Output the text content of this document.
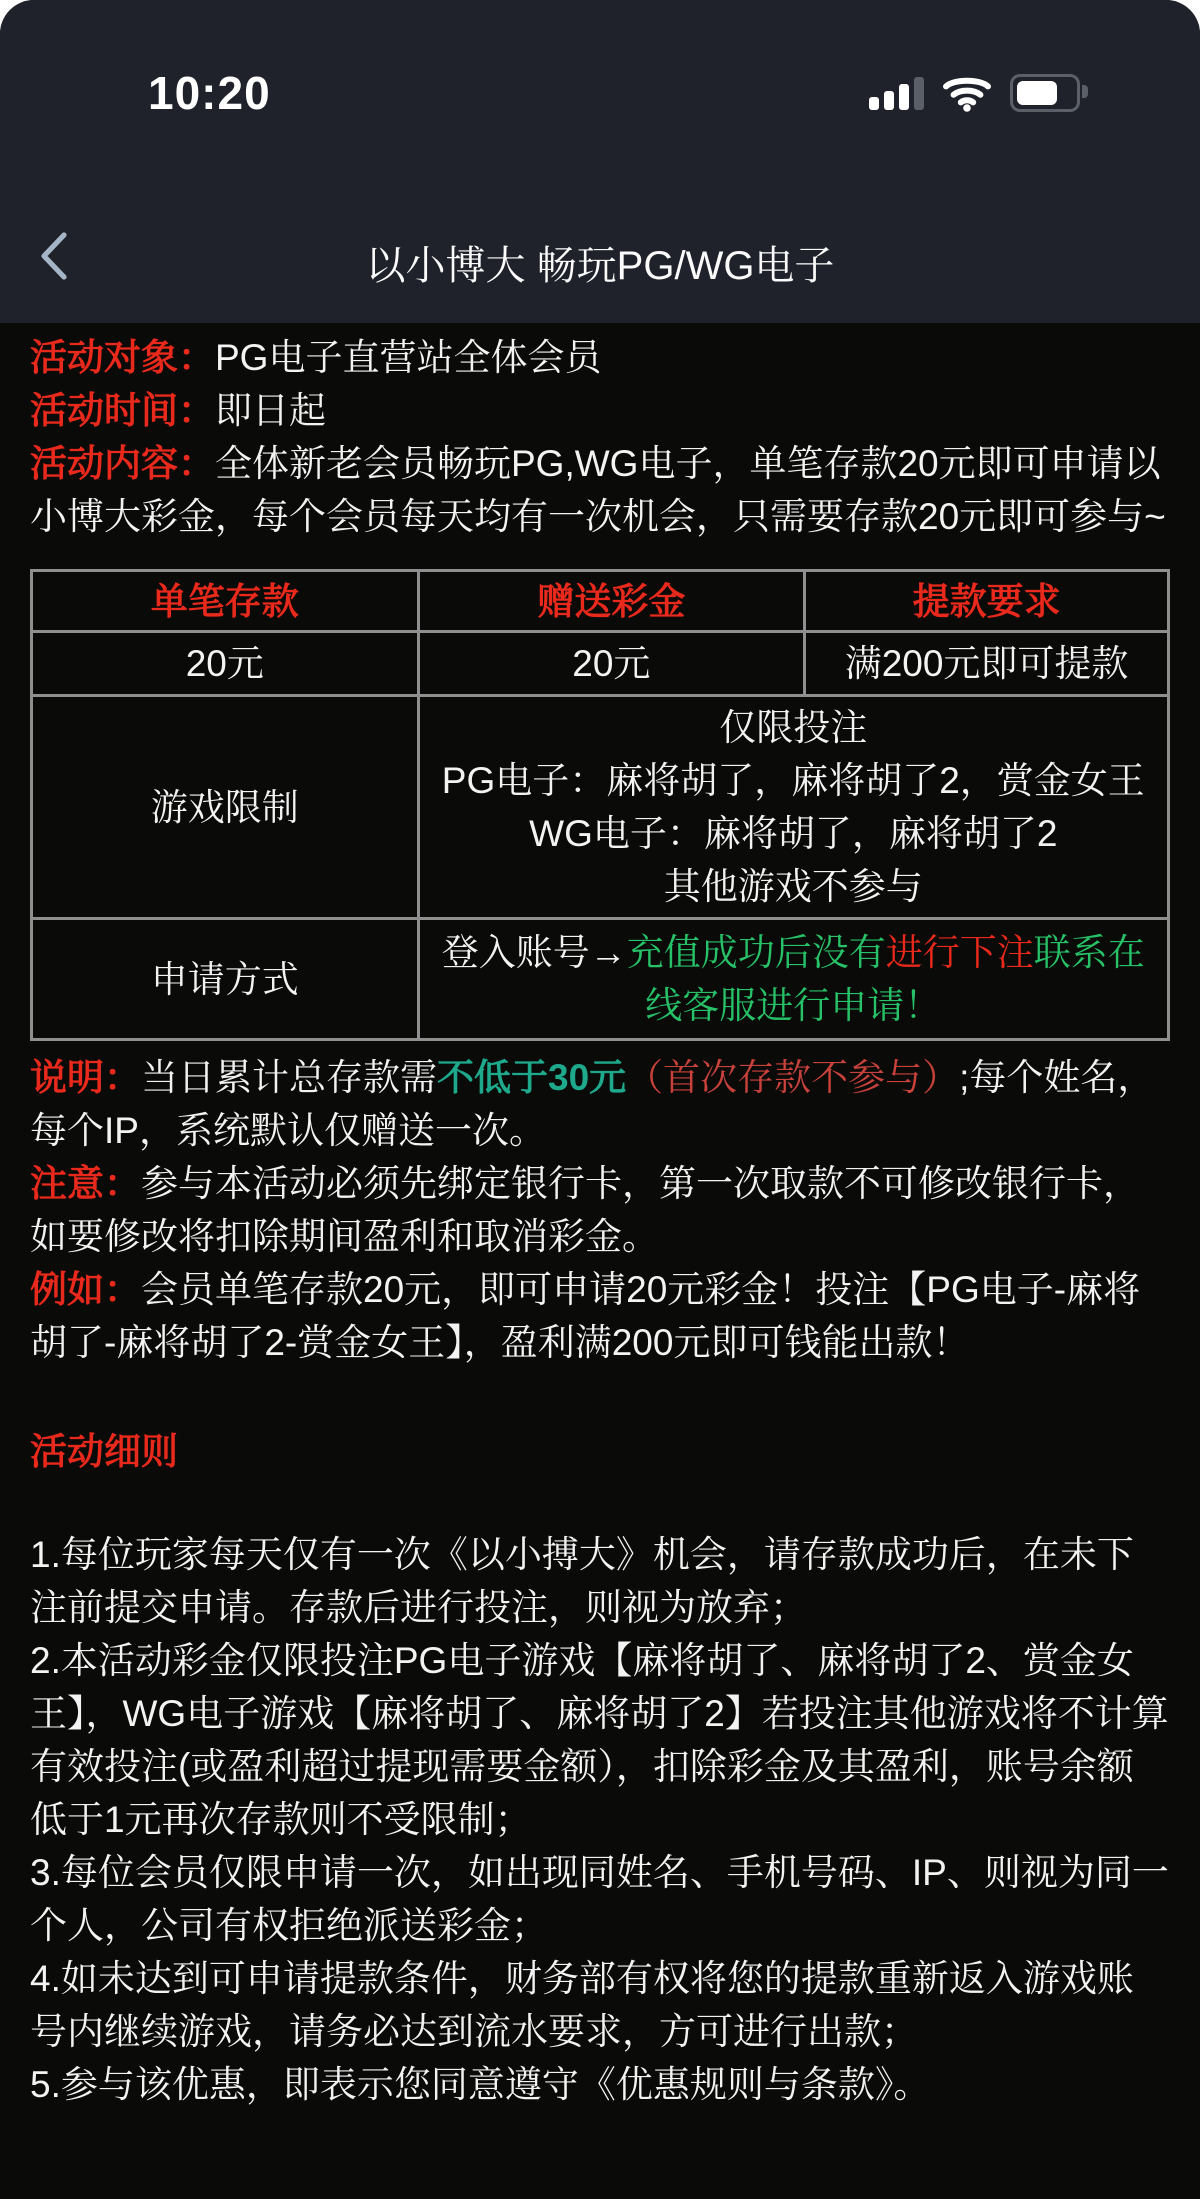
10:20
以小博大 畅玩PG/WG电子

活动对象：PG电子直营站全体会员

活动时间：即日起

活动内容：全体新老会员畅玩PG,WG电子，单笔存款20元即可申请以小博大彩金，每个会员每天均有一次机会，只需要存款20元即可参与~

单笔存款	赠送彩金	提款要求
20元	20元	满200元即可提款
游戏限制	仅限投注
PG电子：麻将胡了，麻将胡了2，赏金女王
WG电子：麻将胡了，麻将胡了2
其他游戏不参与	

申请方式	登入账号→充值成功后没有进行下注联系在线客服进行申请！	

说明：当日累计总存款需不低于30元（首次存款不参与）;每个姓名，每个IP，系统默认仅赠送一次。

注意：参与本活动必须先绑定银行卡，第一次取款不可修改银行卡，如要修改将扣除期间盈利和取消彩金。

例如：会员单笔存款20元，即可申请20元彩金！投注【PG电子-麻将胡了-麻将胡了2-赏金女王】，盈利满200元即可钱能出款！

活动细则

1.每位玩家每天仅有一次《以小搏大》机会，请存款成功后，在未下注前提交申请。存款后进行投注，则视为放弃；

2.本活动彩金仅限投注PG电子游戏【麻将胡了、麻将胡了2、赏金女王】，WG电子游戏【麻将胡了、麻将胡了2】若投注其他游戏将不计算有效投注(或盈利超过提现需要金额），扣除彩金及其盈利，账号余额低于1元再次存款则不受限制；

3.每位会员仅限申请一次，如出现同姓名、手机号码、IP、则视为同一个人，公司有权拒绝派送彩金；

4.如未达到可申请提款条件，财务部有权将您的提款重新返入游戏账号内继续游戏，请务必达到流水要求，方可进行出款；

5.参与该优惠，即表示您同意遵守《优惠规则与条款》。
